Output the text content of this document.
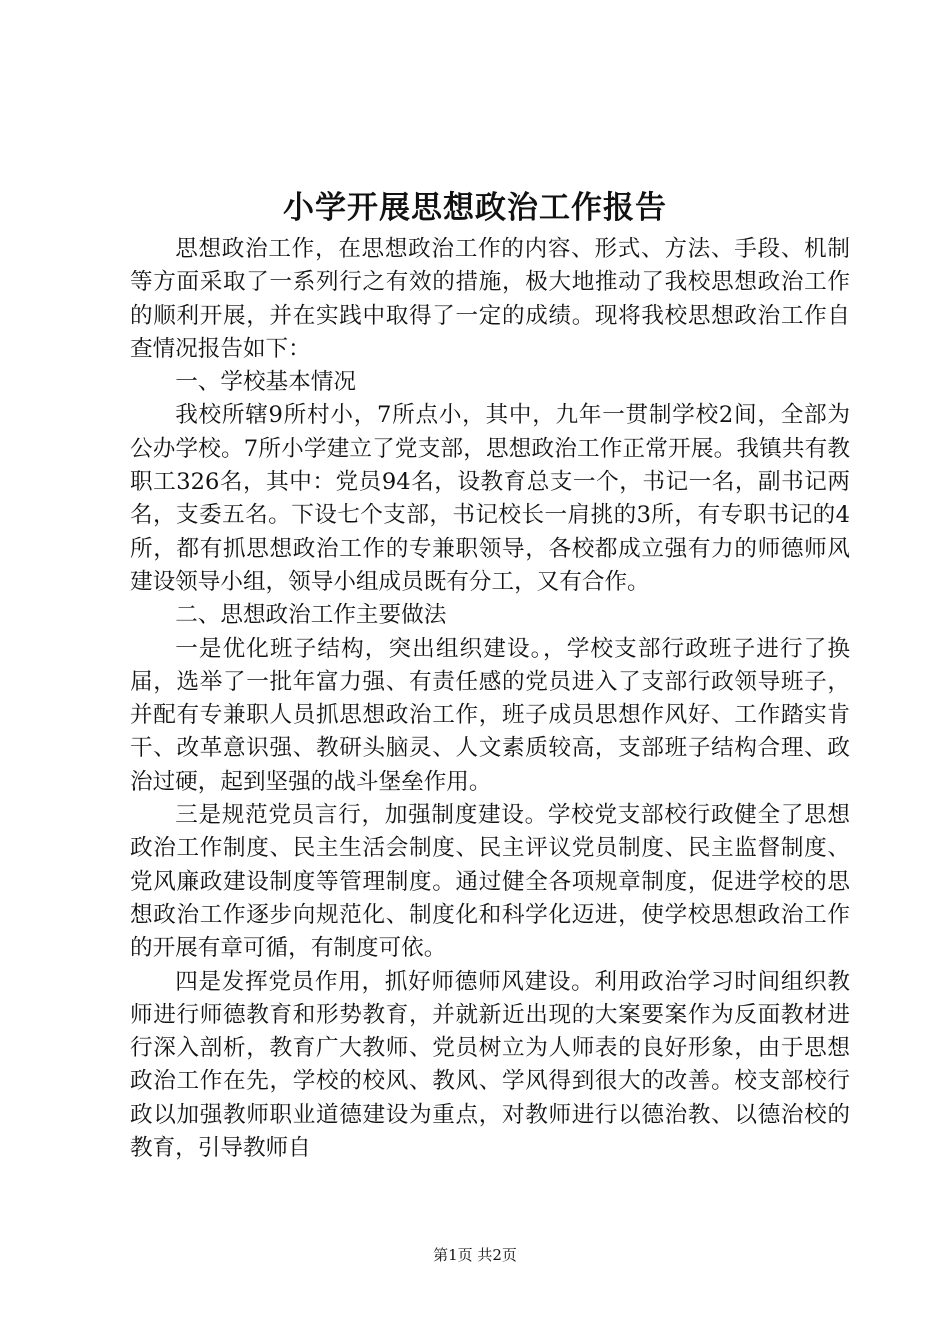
小学开展思想政治工作报告

思想政治工作，在思想政治工作的内容、形式、方法、手段、机制等方面采取了一系列行之有效的措施，极大地推动了我校思想政治工作的顺利开展，并在实践中取得了一定的成绩。现将我校思想政治工作自查情况报告如下：

一、学校基本情况

我校所辖9所村小，7所点小，其中，九年一贯制学校2间，全部为公办学校。7所小学建立了党支部，思想政治工作正常开展。我镇共有教职工326名，其中：党员94名，设教育总支一个，书记一名，副书记两名，支委五名。下设七个支部，书记校长一肩挑的3所，有专职书记的4所，都有抓思想政治工作的专兼职领导，各校都成立强有力的师德师风建设领导小组，领导小组成员既有分工，又有合作。

二、思想政治工作主要做法

一是优化班子结构，突出组织建设。，学校支部行政班子进行了换届，选举了一批年富力强、有责任感的党员进入了支部行政领导班子，并配有专兼职人员抓思想政治工作，班子成员思想作风好、工作踏实肯干、改革意识强、教研头脑灵、人文素质较高，支部班子结构合理、政治过硬，起到坚强的战斗堡垒作用。

三是规范党员言行，加强制度建设。学校党支部校行政健全了思想政治工作制度、民主生活会制度、民主评议党员制度、民主监督制度、党风廉政建设制度等管理制度。通过健全各项规章制度，促进学校的思想政治工作逐步向规范化、制度化和科学化迈进，使学校思想政治工作的开展有章可循，有制度可依。

四是发挥党员作用，抓好师德师风建设。利用政治学习时间组织教师进行师德教育和形势教育，并就新近出现的大案要案作为反面教材进行深入剖析，教育广大教师、党员树立为人师表的良好形象，由于思想政治工作在先，学校的校风、教风、学风得到很大的改善。校支部校行政以加强教师职业道德建设为重点，对教师进行以德治教、以德治校的教育，引导教师自

第1页 共2页
